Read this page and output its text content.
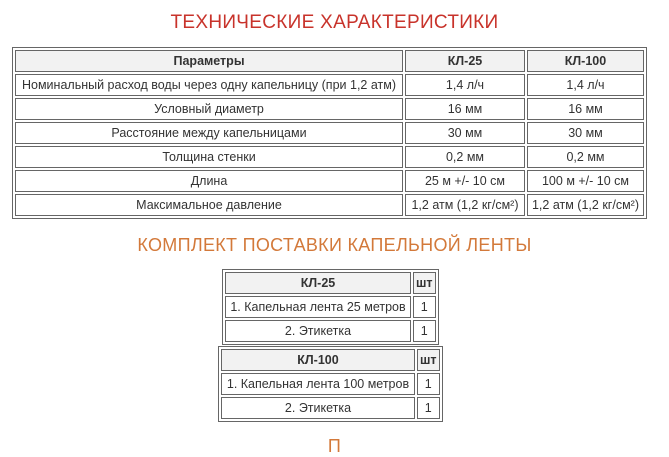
ТЕХНИЧЕСКИЕ ХАРАКТЕРИСТИКИ
Параметры	КЛ-25	КЛ-100
Номинальный расход воды через одну капельницу (при 1,2 атм)	1,4 л/ч	1,4 л/ч
Условный диаметр	16 мм	16 мм
Расстояние между капельницами	30 мм	30 мм
Толщина стенки	0,2 мм	0,2 мм
Длина	25 м +/- 10 см	100 м +/- 10 см
Максимальное давление	1,2 атм (1,2 кг/см²)	1,2 атм (1,2 кг/см²)
КОМПЛЕКТ ПОСТАВКИ КАПЕЛЬНОЙ ЛЕНТЫ
КЛ-25	шт
1. Капельная лента 25 метров	1
2. Этикетка	1
КЛ-100	шт
1. Капельная лента 100 метров	1
2. Этикетка	1
П
